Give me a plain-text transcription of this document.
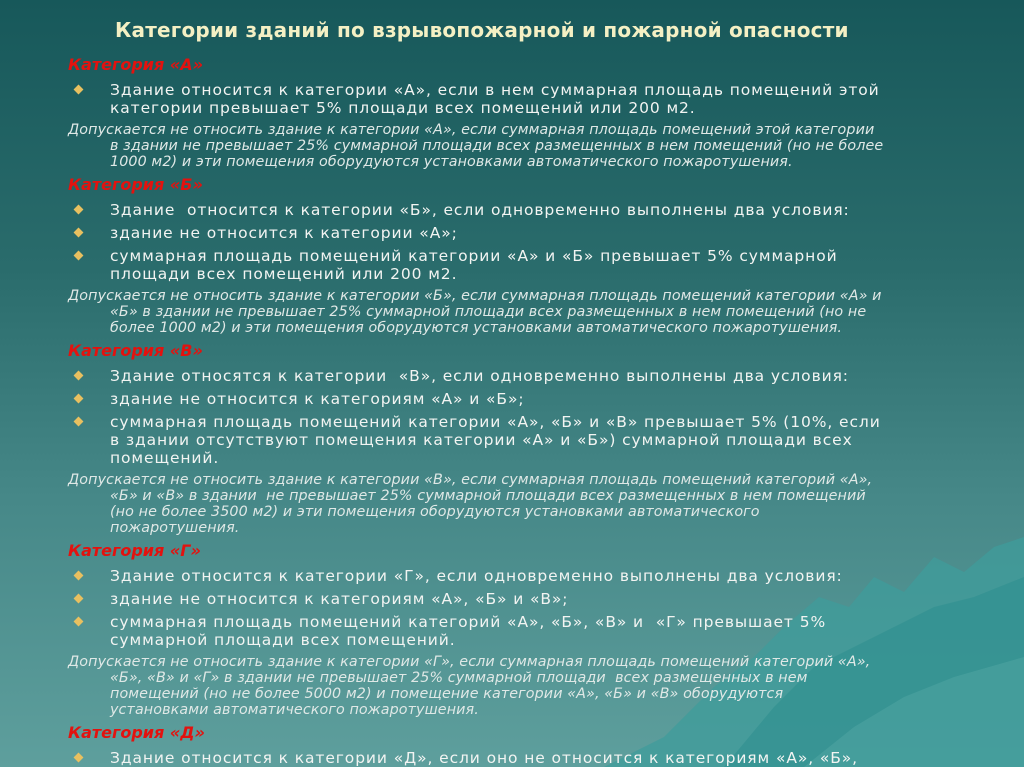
Категории зданий по взрывопожарной и пожарной опасности
Категория «А»
Здание относится к категории «А», если в нем суммарная площадь помещений этой
категории превышает 5% площади всех помещений или 200 м2.
Допускается не относить здание к категории «А», если суммарная площадь помещений этой категории
в здании не превышает 25% суммарной площади всех размещенных в нем помещений (но не более
1000 м2) и эти помещения оборудуются установками автоматического пожаротушения.
Категория «Б»
Здание  относится к категории «Б», если одновременно выполнены два условия:
здание не относится к категории «А»;
суммарная площадь помещений категории «А» и «Б» превышает 5% суммарной
площади всех помещений или 200 м2.
Допускается не относить здание к категории «Б», если суммарная площадь помещений категории «А» и
«Б» в здании не превышает 25% суммарной площади всех размещенных в нем помещений (но не
более 1000 м2) и эти помещения оборудуются установками автоматического пожаротушения.
Категория «В»
Здание относятся к категории  «В», если одновременно выполнены два условия:
здание не относится к категориям «А» и «Б»;
суммарная площадь помещений категории «А», «Б» и «В» превышает 5% (10%, если
в здании отсутствуют помещения категории «А» и «Б») суммарной площади всех
помещений.
Допускается не относить здание к категории «В», если суммарная площадь помещений категорий «А»,
«Б» и «В» в здании  не превышает 25% суммарной площади всех размещенных в нем помещений
(но не более 3500 м2) и эти помещения оборудуются установками автоматического
пожаротушения.
Категория «Г»
Здание относится к категории «Г», если одновременно выполнены два условия:
здание не относится к категориям «А», «Б» и «В»;
суммарная площадь помещений категорий «А», «Б», «В» и  «Г» превышает 5%
суммарной площади всех помещений.
Допускается не относить здание к категории «Г», если суммарная площадь помещений категорий «А»,
«Б», «В» и «Г» в здании не превышает 25% суммарной площади  всех размещенных в нем
помещений (но не более 5000 м2) и помещение категории «А», «Б» и «В» оборудуются
установками автоматического пожаротушения.
Категория «Д»
Здание относится к категории «Д», если оно не относится к категориям «А», «Б»,
